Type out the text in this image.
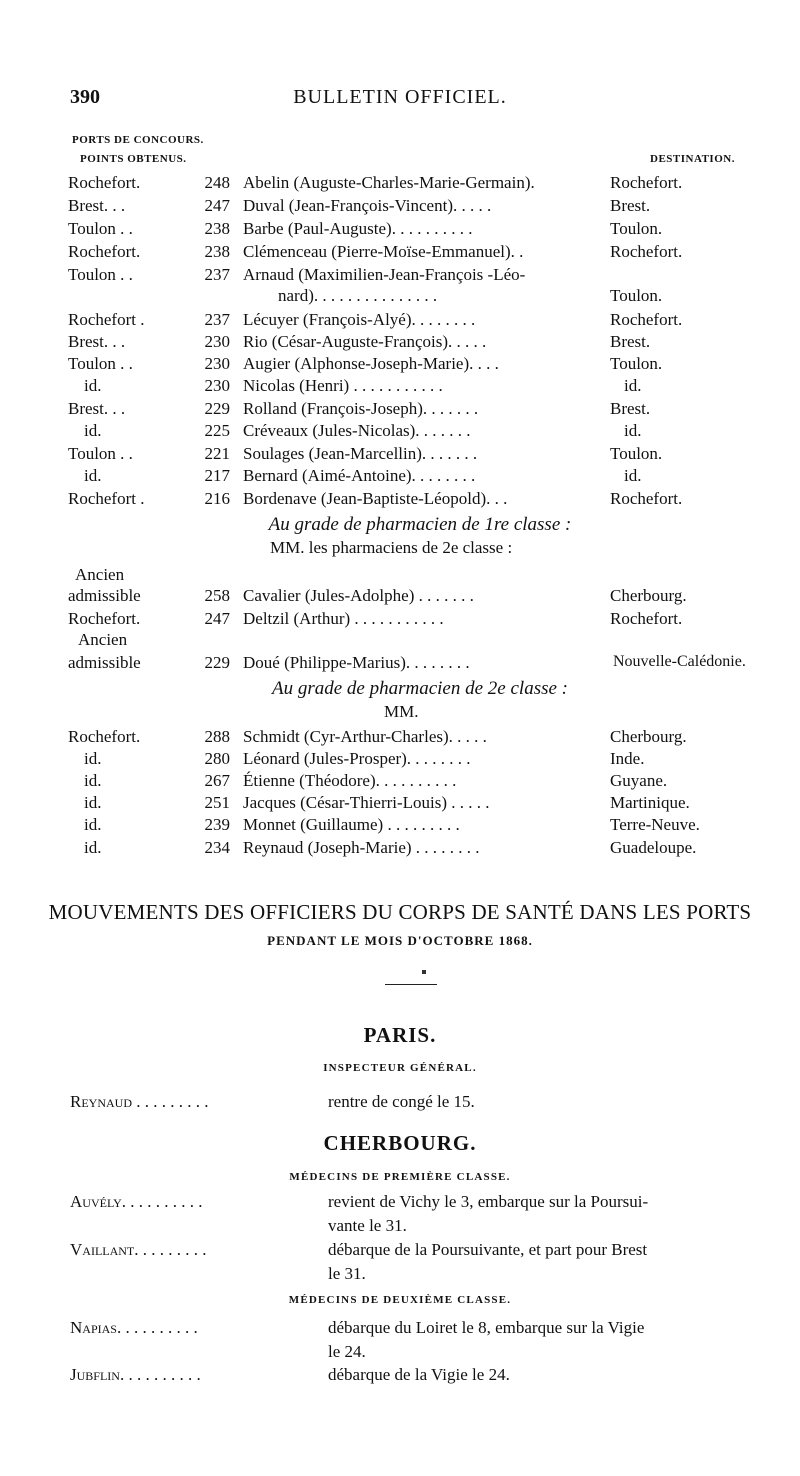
390	BULLETIN OFFICIEL.
PORTS DE CONCOURS.
POINTS OBTENUS.	DESTINATION.
Rochefort.	248 Abelin (Auguste-Charles-Marie-Germain).	Rochefort.
Brest. . .	247 Duval (Jean-François-Vincent). . . . .	Brest.
Toulon . .	238 Barbe (Paul-Auguste). . . . . . . . . .	Toulon.
Rochefort.	238 Clémenceau (Pierre-Moïse-Emmanuel). .	Rochefort.
Toulon . .	237 Arnaud (Maximilien-Jean-François -Léo-
nard). . . . . . . . . . . . . . .	Toulon.
Rochefort .	237 Lécuyer (François-Alyé). . . . . . . .	Rochefort.
Brest. . .	230 Rio (César-Auguste-François). . . . .	Brest.
Toulon . .	230 Augier (Alphonse-Joseph-Marie). . . .	Toulon.
id.	230 Nicolas (Henri) . . . . . . . . . . .	id.
Brest. . .	229 Rolland (François-Joseph). . . . . . .	Brest.
id.	225 Créveaux (Jules-Nicolas). . . . . . .	id.
Toulon . .	221 Soulages (Jean-Marcellin). . . . . . .	Toulon.
id.	217 Bernard (Aimé-Antoine). . . . . . . .	id.
Rochefort .	216 Bordenave (Jean-Baptiste-Léopold). . .	Rochefort.
Au grade de pharmacien de 1re classe :
MM. les pharmaciens de 2e classe :
Ancien
admissible	258 Cavalier (Jules-Adolphe) . . . . . . .	Cherbourg.
Rochefort.	247 Deltzil (Arthur) . . . . . . . . . . .	Rochefort.
Ancien
admissible	229 Doué (Philippe-Marius). . . . . . . .	Nouvelle-Calédonie.
Au grade de pharmacien de 2e classe :
MM.
Rochefort.	288 Schmidt (Cyr-Arthur-Charles). . . . .	Cherbourg.
id.	280 Léonard (Jules-Prosper). . . . . . . .	Inde.
id.	267 Étienne (Théodore). . . . . . . . . .	Guyane.
id.	251 Jacques (César-Thierri-Louis) . . . . .	Martinique.
id.	239 Monnet (Guillaume) . . . . . . . . .	Terre-Neuve.
id.	234 Reynaud (Joseph-Marie) . . . . . . . .	Guadeloupe.
MOUVEMENTS DES OFFICIERS DU CORPS DE SANTÉ DANS LES PORTS
PENDANT LE MOIS D'OCTOBRE 1868.
PARIS.
INSPECTEUR GÉNÉRAL.
Reynaud . . . . . . . . .	rentre de congé le 15.
CHERBOURG.
MÉDECINS DE PREMIÈRE CLASSE.
Auvély. . . . . . . . . .	revient de Vichy le 3, embarque sur la Poursui-
vante le 31.
Vaillant. . . . . . . . .	débarque de la Poursuivante, et part pour Brest
le 31.
MÉDECINS DE DEUXIÈME CLASSE.
Napias. . . . . . . . . .	débarque du Loiret le 8, embarque sur la Vigie
le 24.
Jubflin. . . . . . . . . .	débarque de la Vigie le 24.
